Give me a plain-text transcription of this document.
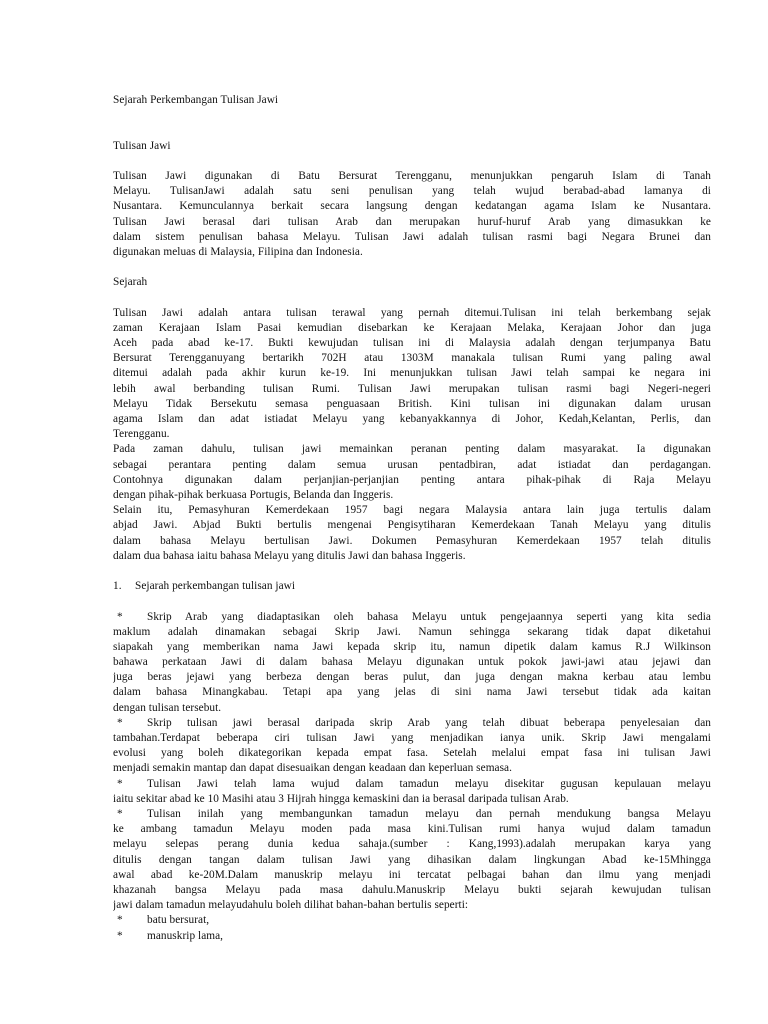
Sejarah Perkembangan Tulisan Jawi
Tulisan Jawi
Tulisan Jawi digunakan di Batu Bersurat Terengganu, menunjukkan pengaruh Islam di Tanah
Melayu. TulisanJawi adalah satu seni penulisan yang telah wujud berabad-abad lamanya di
Nusantara. Kemunculannya berkait secara langsung dengan kedatangan agama Islam ke Nusantara.
Tulisan Jawi berasal dari tulisan Arab dan merupakan huruf-huruf Arab yang dimasukkan ke
dalam sistem penulisan bahasa Melayu. Tulisan Jawi adalah tulisan rasmi bagi Negara Brunei dan
digunakan meluas di Malaysia, Filipina dan Indonesia.
Sejarah
Tulisan Jawi adalah antara tulisan terawal yang pernah ditemui.Tulisan ini telah berkembang sejak
zaman Kerajaan Islam Pasai kemudian disebarkan ke Kerajaan Melaka, Kerajaan Johor dan juga
Aceh pada abad ke-17. Bukti kewujudan tulisan ini di Malaysia adalah dengan terjumpanya Batu
Bersurat Terengganuyang bertarikh 702H atau 1303M manakala tulisan Rumi yang paling awal
ditemui adalah pada akhir kurun ke-19. Ini menunjukkan tulisan Jawi telah sampai ke negara ini
lebih awal berbanding tulisan Rumi. Tulisan Jawi merupakan tulisan rasmi bagi Negeri-negeri
Melayu Tidak Bersekutu semasa penguasaan British. Kini tulisan ini digunakan dalam urusan
agama Islam dan adat istiadat Melayu yang kebanyakkannya di Johor, Kedah,Kelantan, Perlis, dan
Terengganu.
Pada zaman dahulu, tulisan jawi memainkan peranan penting dalam masyarakat. Ia digunakan
sebagai perantara penting dalam semua urusan pentadbiran, adat istiadat dan perdagangan.
Contohnya digunakan dalam perjanjian-perjanjian penting antara pihak-pihak di Raja Melayu
dengan pihak-pihak berkuasa Portugis, Belanda dan Inggeris.
Selain itu, Pemasyhuran Kemerdekaan 1957 bagi negara Malaysia antara lain juga tertulis dalam
abjad Jawi. Abjad Bukti bertulis mengenai Pengisytiharan Kemerdekaan Tanah Melayu yang ditulis
dalam bahasa Melayu bertulisan Jawi. Dokumen Pemasyhuran Kemerdekaan 1957 telah ditulis
dalam dua bahasa iaitu bahasa Melayu yang ditulis Jawi dan bahasa Inggeris.
1. Sejarah perkembangan tulisan jawi
* Skrip Arab yang diadaptasikan oleh bahasa Melayu untuk pengejaannya seperti yang kita sedia
maklum adalah dinamakan sebagai Skrip Jawi. Namun sehingga sekarang tidak dapat diketahui
siapakah yang memberikan nama Jawi kepada skrip itu, namun dipetik dalam kamus R.J Wilkinson
bahawa perkataan Jawi di dalam bahasa Melayu digunakan untuk pokok jawi-jawi atau jejawi dan
juga beras jejawi yang berbeza dengan beras pulut, dan juga dengan makna kerbau atau lembu
dalam bahasa Minangkabau. Tetapi apa yang jelas di sini nama Jawi tersebut tidak ada kaitan
dengan tulisan tersebut.
* Skrip tulisan jawi berasal daripada skrip Arab yang telah dibuat beberapa penyelesaian dan
tambahan.Terdapat beberapa ciri tulisan Jawi yang menjadikan ianya unik. Skrip Jawi mengalami
evolusi yang boleh dikategorikan kepada empat fasa. Setelah melalui empat fasa ini tulisan Jawi
menjadi semakin mantap dan dapat disesuaikan dengan keadaan dan keperluan semasa.
* Tulisan Jawi telah lama wujud dalam tamadun melayu disekitar gugusan kepulauan melayu
iaitu sekitar abad ke 10 Masihi atau 3 Hijrah hingga kemaskini dan ia berasal daripada tulisan Arab.
* Tulisan inilah yang membangunkan tamadun melayu dan pernah mendukung bangsa Melayu
ke ambang tamadun Melayu moden pada masa kini.Tulisan rumi hanya wujud dalam tamadun
melayu selepas perang dunia kedua sahaja.(sumber : Kang,1993).adalah merupakan karya yang
ditulis dengan tangan dalam tulisan Jawi yang dihasikan dalam lingkungan Abad ke-15Mhingga
awal abad ke-20M.Dalam manuskrip melayu ini tercatat pelbagai bahan dan ilmu yang menjadi
khazanah bangsa Melayu pada masa dahulu.Manuskrip Melayu bukti sejarah kewujudan tulisan
jawi dalam tamadun melayudahulu boleh dilihat bahan-bahan bertulis seperti:
* batu bersurat,
* manuskrip lama,
